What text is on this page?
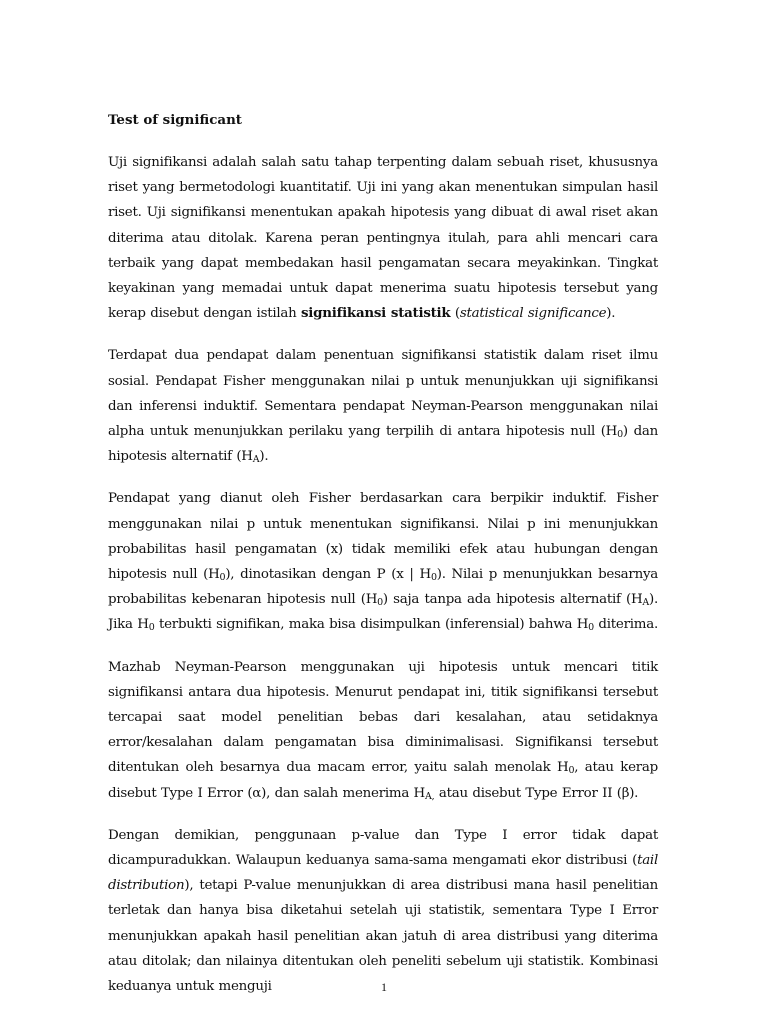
Test of significant

Uji signifikansi adalah salah satu tahap terpenting dalam sebuah riset, khususnya riset yang bermetodologi kuantitatif. Uji ini yang akan menentukan simpulan hasil riset. Uji signifikansi menentukan apakah hipotesis yang dibuat di awal riset akan diterima atau ditolak. Karena peran pentingnya itulah, para ahli mencari cara terbaik yang dapat membedakan hasil pengamatan secara meyakinkan. Tingkat keyakinan yang memadai untuk dapat menerima suatu hipotesis tersebut yang kerap disebut dengan istilah signifikansi statistik (statistical significance).

Terdapat dua pendapat dalam penentuan signifikansi statistik dalam riset ilmu sosial. Pendapat Fisher menggunakan nilai p untuk menunjukkan uji signifikansi dan inferensi induktif. Sementara pendapat Neyman-Pearson menggunakan nilai alpha untuk menunjukkan perilaku yang terpilih di antara hipotesis null $(H_0)$ dan hipotesis alternatif $(H_A)$.

Pendapat yang dianut oleh Fisher berdasarkan cara berpikir induktif. Fisher menggunakan nilai p untuk menentukan signifikansi. Nilai p ini menunjukkan probabilitas hasil pengamatan (x) tidak memiliki efek atau hubungan dengan hipotesis null $(H_0)$, dinotasikan dengan P (x | $H_0$). Nilai p menunjukkan besarnya probabilitas kebenaran hipotesis null $(H_0)$ saja tanpa ada hipotesis alternatif $(H_A)$. Jika $H_0$ terbukti signifikan, maka bisa disimpulkan (inferensial) bahwa $H_0$ diterima.

Mazhab Neyman-Pearson menggunakan uji hipotesis untuk mencari titik signifikansi antara dua hipotesis. Menurut pendapat ini, titik signifikansi tersebut tercapai saat model penelitian bebas dari kesalahan, atau setidaknya error/kesalahan dalam pengamatan bisa diminimalisasi. Signifikansi tersebut ditentukan oleh besarnya dua macam error, yaitu salah menolak $H_0$, atau kerap disebut Type I Error (α), dan salah menerima $H_{A,}$ atau disebut Type Error II (β).

Dengan demikian, penggunaan p-value dan Type I error tidak dapat dicampuradukkan. Walaupun keduanya sama-sama mengamati ekor distribusi (tail distribution), tetapi P-value menunjukkan di area distribusi mana hasil penelitian terletak dan hanya bisa diketahui setelah uji statistik, sementara Type I Error menunjukkan apakah hasil penelitian akan jatuh di area distribusi yang diterima atau ditolak; dan nilainya ditentukan oleh peneliti sebelum uji statistik. Kombinasi keduanya untuk menguji	1
